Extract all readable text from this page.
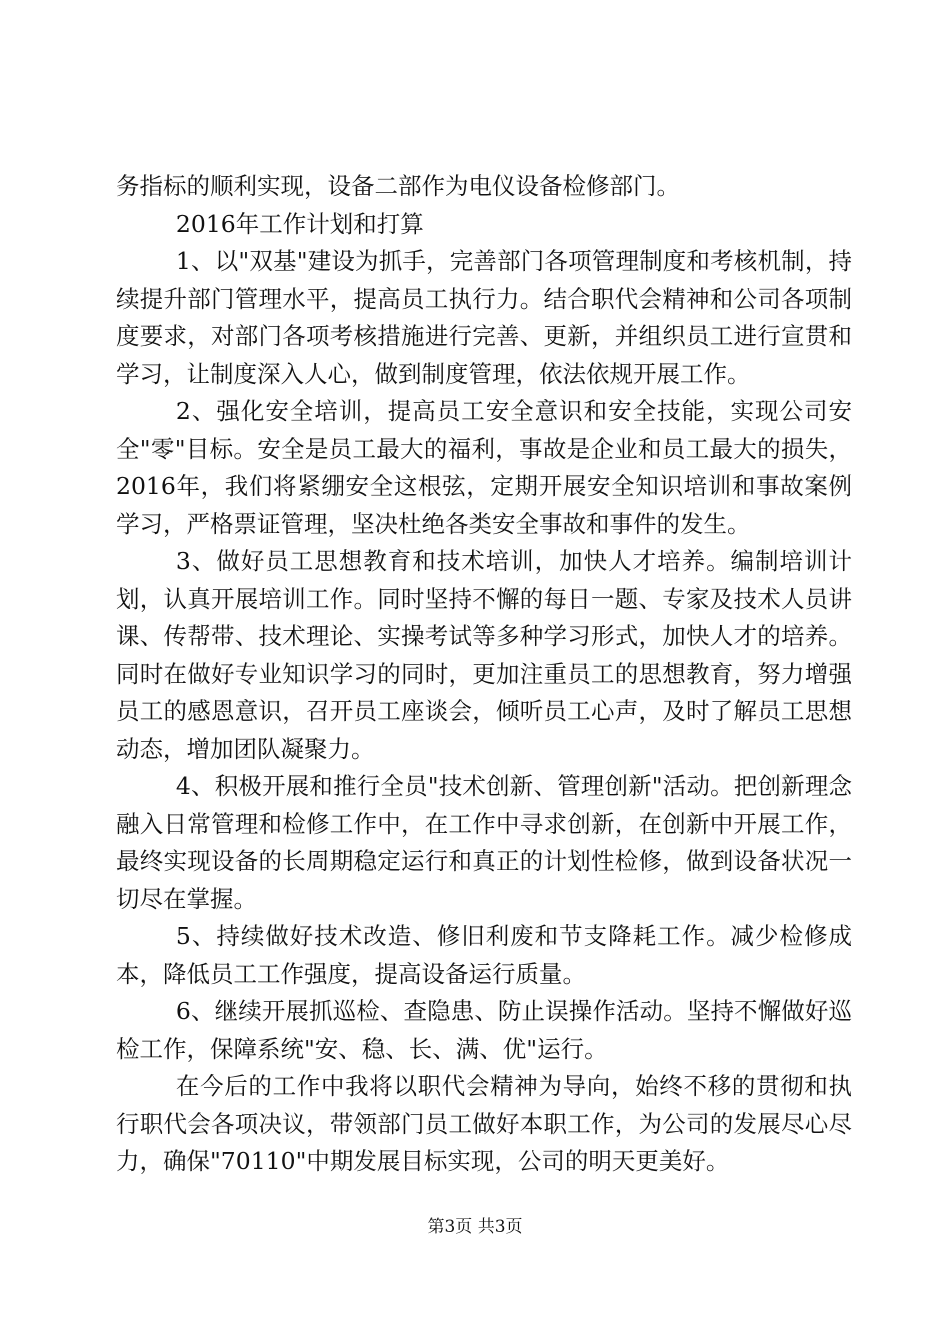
务指标的顺利实现，设备二部作为电仪设备检修部门。

2016年工作计划和打算

1、以"双基"建设为抓手，完善部门各项管理制度和考核机制，持续提升部门管理水平，提高员工执行力。结合职代会精神和公司各项制度要求，对部门各项考核措施进行完善、更新，并组织员工进行宣贯和学习，让制度深入人心，做到制度管理，依法依规开展工作。

2、强化安全培训，提高员工安全意识和安全技能，实现公司安全"零"目标。安全是员工最大的福利，事故是企业和员工最大的损失，2016年，我们将紧绷安全这根弦，定期开展安全知识培训和事故案例学习，严格票证管理，坚决杜绝各类安全事故和事件的发生。

3、做好员工思想教育和技术培训，加快人才培养。编制培训计划，认真开展培训工作。同时坚持不懈的每日一题、专家及技术人员讲课、传帮带、技术理论、实操考试等多种学习形式，加快人才的培养。同时在做好专业知识学习的同时，更加注重员工的思想教育，努力增强员工的感恩意识，召开员工座谈会，倾听员工心声，及时了解员工思想动态，增加团队凝聚力。

4、积极开展和推行全员"技术创新、管理创新"活动。把创新理念融入日常管理和检修工作中，在工作中寻求创新，在创新中开展工作，最终实现设备的长周期稳定运行和真正的计划性检修，做到设备状况一切尽在掌握。

5、持续做好技术改造、修旧利废和节支降耗工作。减少检修成本，降低员工工作强度，提高设备运行质量。

6、继续开展抓巡检、查隐患、防止误操作活动。坚持不懈做好巡检工作，保障系统"安、稳、长、满、优"运行。

在今后的工作中我将以职代会精神为导向，始终不移的贯彻和执行职代会各项决议，带领部门员工做好本职工作，为公司的发展尽心尽力，确保"70110"中期发展目标实现，公司的明天更美好。

第3页 共3页
